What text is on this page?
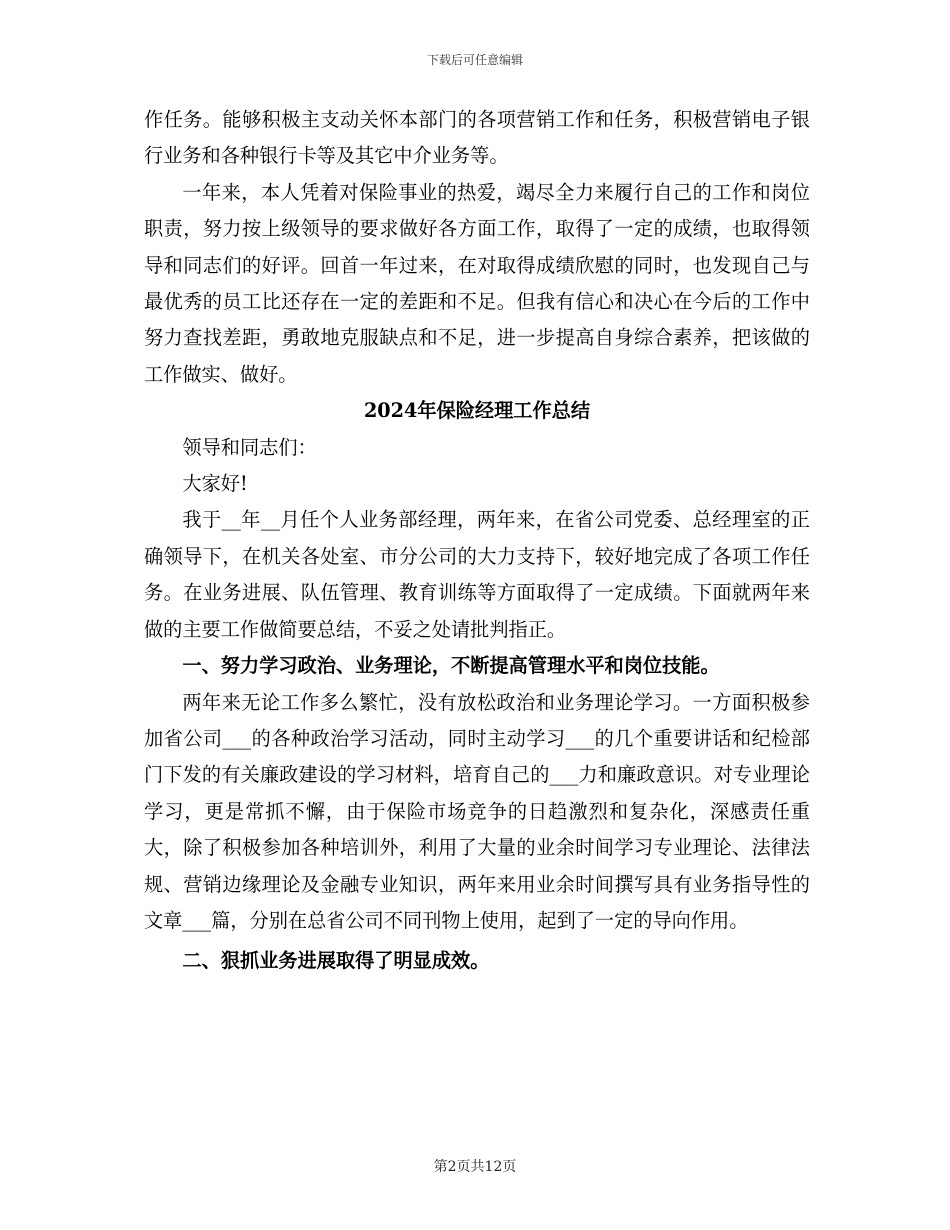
下载后可任意编辑

作任务。能够积极主支动关怀本部门的各项营销工作和任务，积极营销电子银行业务和各种银行卡等及其它中介业务等。

一年来，本人凭着对保险事业的热爱，竭尽全力来履行自己的工作和岗位职责，努力按上级领导的要求做好各方面工作，取得了一定的成绩，也取得领导和同志们的好评。回首一年过来，在对取得成绩欣慰的同时，也发现自己与最优秀的员工比还存在一定的差距和不足。但我有信心和决心在今后的工作中努力查找差距，勇敢地克服缺点和不足，进一步提高自身综合素养，把该做的工作做实、做好。

2024年保险经理工作总结

领导和同志们：

大家好!

我于__年__月任个人业务部经理，两年来，在省公司党委、总经理室的正确领导下，在机关各处室、市分公司的大力支持下，较好地完成了各项工作任务。在业务进展、队伍管理、教育训练等方面取得了一定成绩。下面就两年来做的主要工作做简要总结，不妥之处请批判指正。

一、努力学习政治、业务理论，不断提高管理水平和岗位技能。

两年来无论工作多么繁忙，没有放松政治和业务理论学习。一方面积极参加省公司___的各种政治学习活动，同时主动学习___的几个重要讲话和纪检部门下发的有关廉政建设的学习材料，培育自己的___力和廉政意识。对专业理论学习，更是常抓不懈，由于保险市场竞争的日趋激烈和复杂化，深感责任重大，除了积极参加各种培训外，利用了大量的业余时间学习专业理论、法律法规、营销边缘理论及金融专业知识，两年来用业余时间撰写具有业务指导性的文章___篇，分别在总省公司不同刊物上使用，起到了一定的导向作用。

二、狠抓业务进展取得了明显成效。
第2页共12页
